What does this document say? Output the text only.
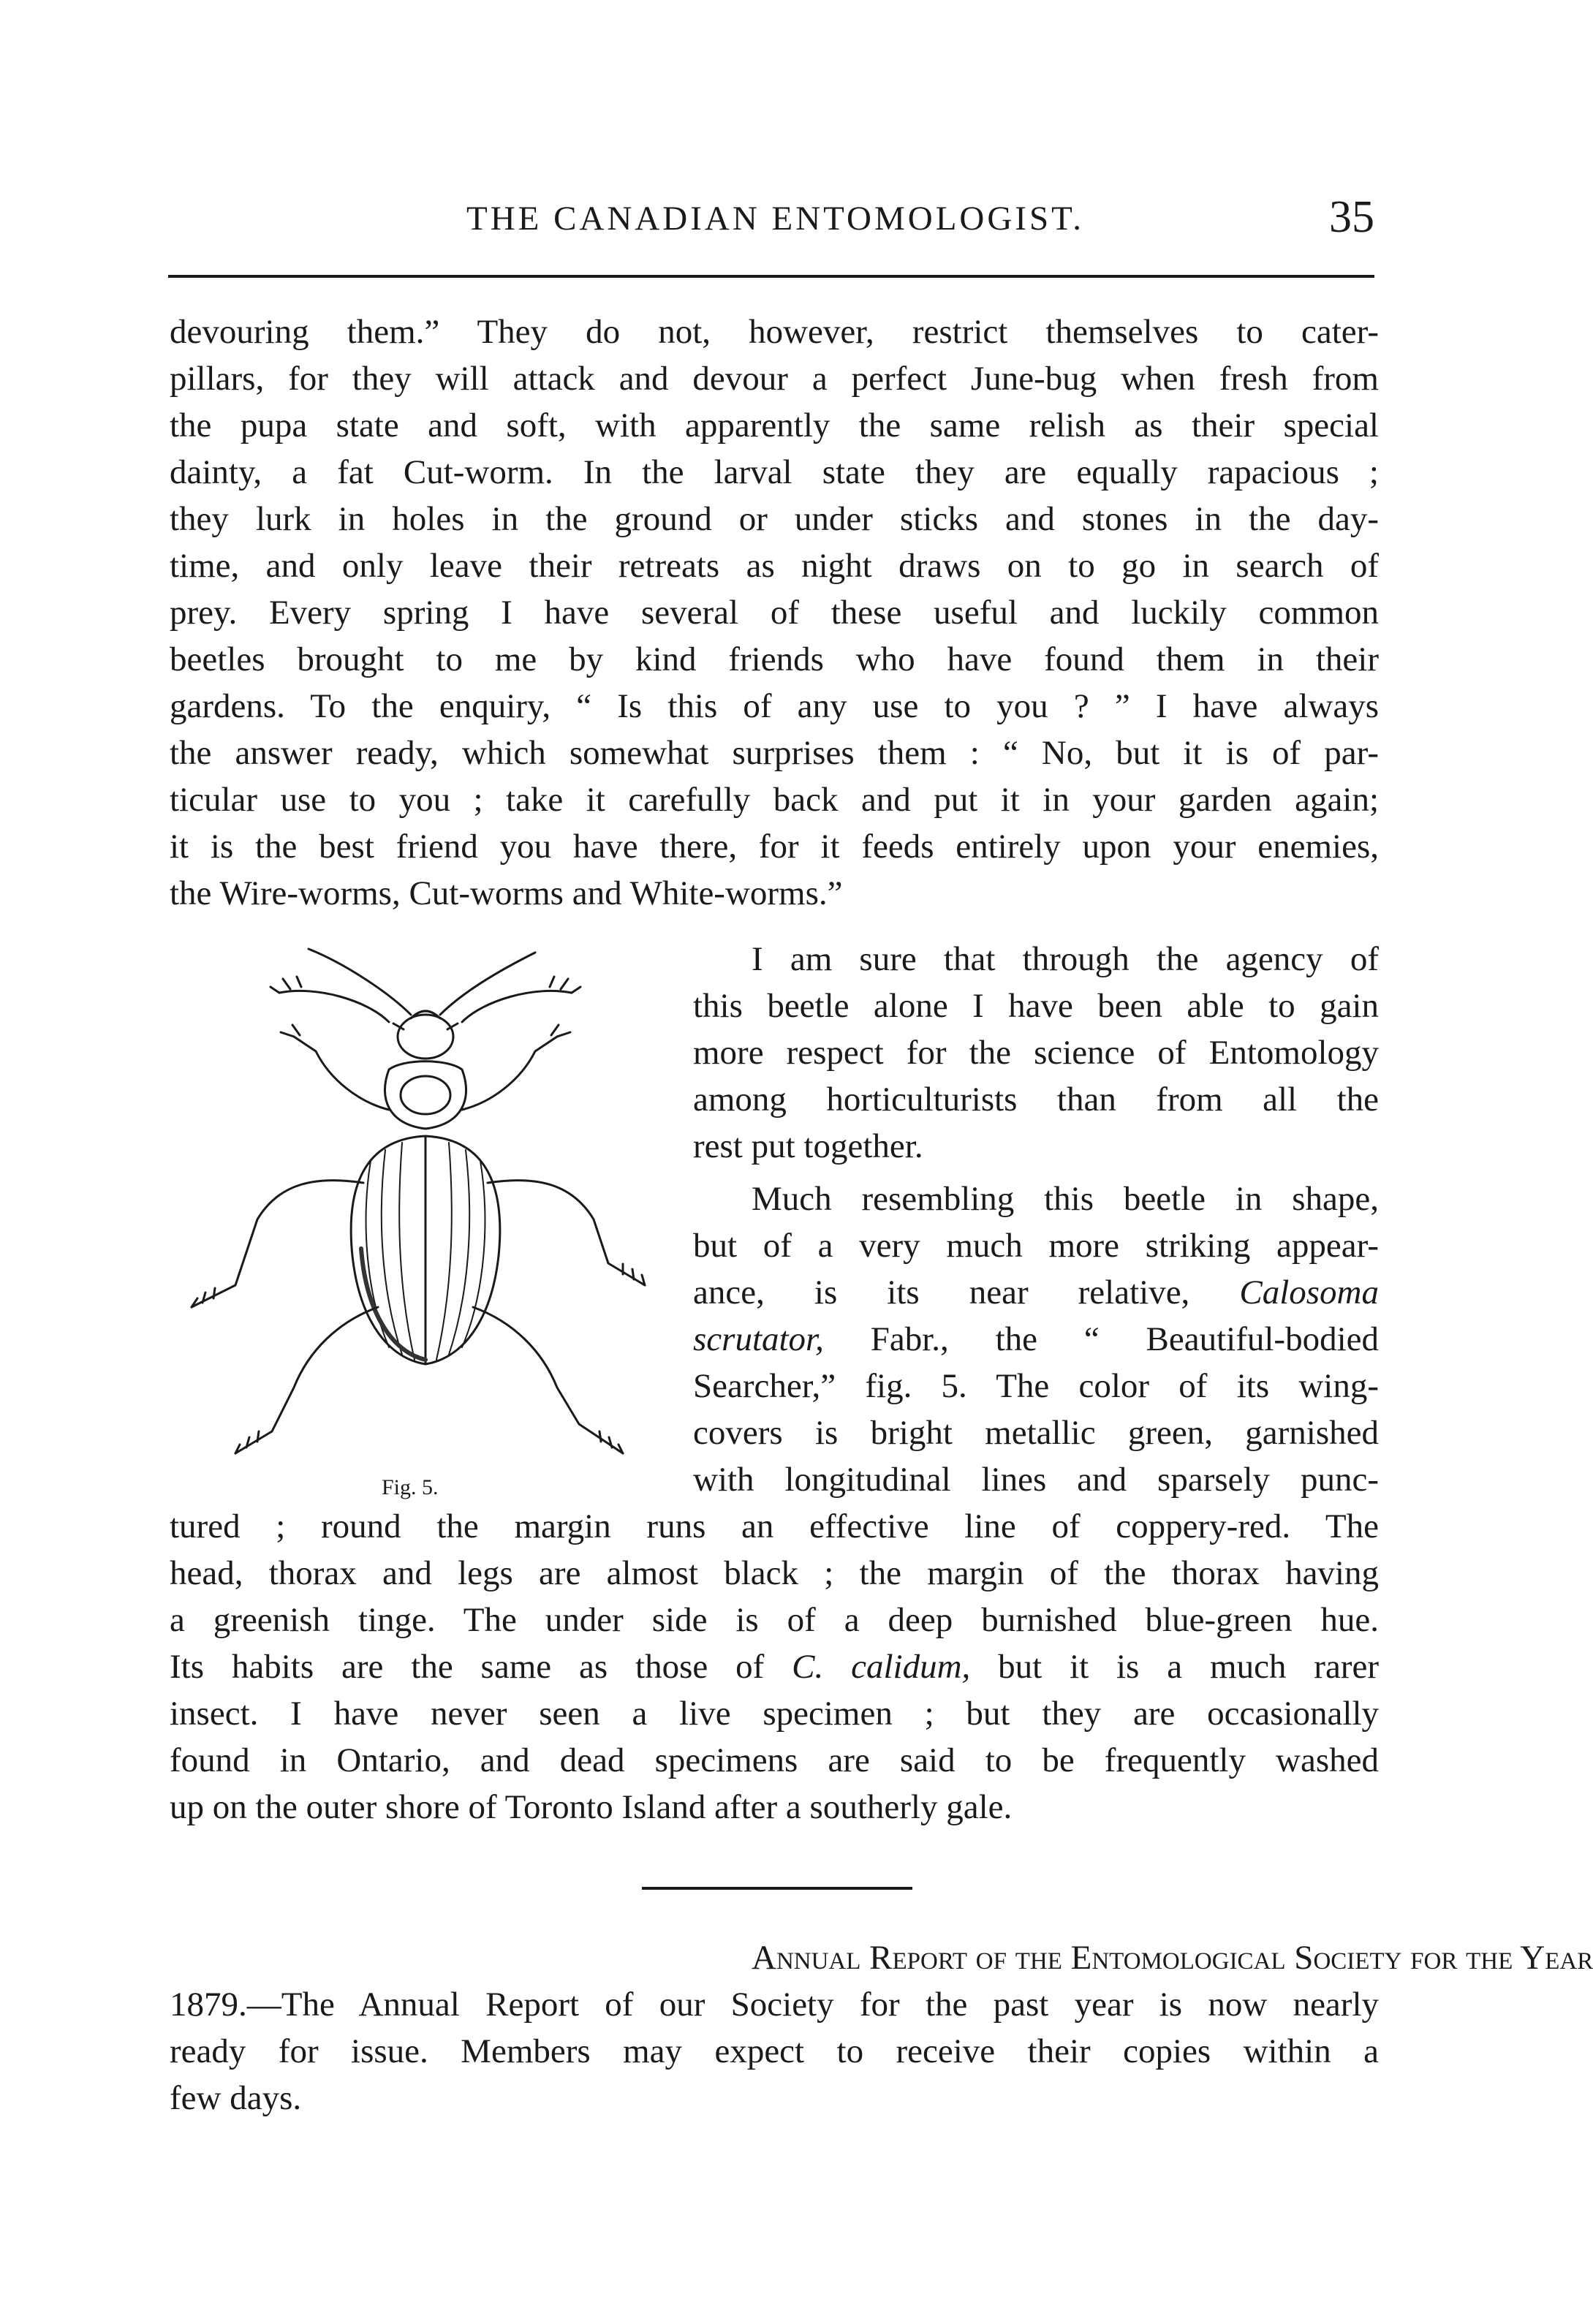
THE CANADIAN ENTOMOLOGIST.	35
devouring them.” They do not, however, restrict themselves to cater-
pillars, for they will attack and devour a perfect June-bug when fresh from
the pupa state and soft, with apparently the same relish as their special
dainty, a fat Cut-worm. In the larval state they are equally rapacious ;
they lurk in holes in the ground or under sticks and stones in the day-
time, and only leave their retreats as night draws on to go in search of
prey. Every spring I have several of these useful and luckily common
beetles brought to me by kind friends who have found them in their
gardens. To the enquiry, “ Is this of any use to you ? ” I have always
the answer ready, which somewhat surprises them : “ No, but it is of par-
ticular use to you ; take it carefully back and put it in your garden again;
it is the best friend you have there, for it feeds entirely upon your enemies,
the Wire-worms, Cut-worms and White-worms.”
Fig. 5.
I am sure that through the agency of
this beetle alone I have been able to gain
more respect for the science of Entomology
among horticulturists than from all the
rest put together.
Much resembling this beetle in shape,
but of a very much more striking appear-
ance, is its near relative, Calosoma
scrutator, Fabr., the “ Beautiful-bodied
Searcher,” fig. 5. The color of its wing-
covers is bright metallic green, garnished
with longitudinal lines and sparsely punc-
tured ; round the margin runs an effective line of coppery-red. The
head, thorax and legs are almost black ; the margin of the thorax having
a greenish tinge. The under side is of a deep burnished blue-green hue.
Its habits are the same as those of C. calidum, but it is a much rarer
insect. I have never seen a live specimen ; but they are occasionally
found in Ontario, and dead specimens are said to be frequently washed
up on the outer shore of Toronto Island after a southerly gale.
Annual Report of the Entomological Society for the Year
1879.—The Annual Report of our Society for the past year is now nearly
ready for issue. Members may expect to receive their copies within a
few days.
